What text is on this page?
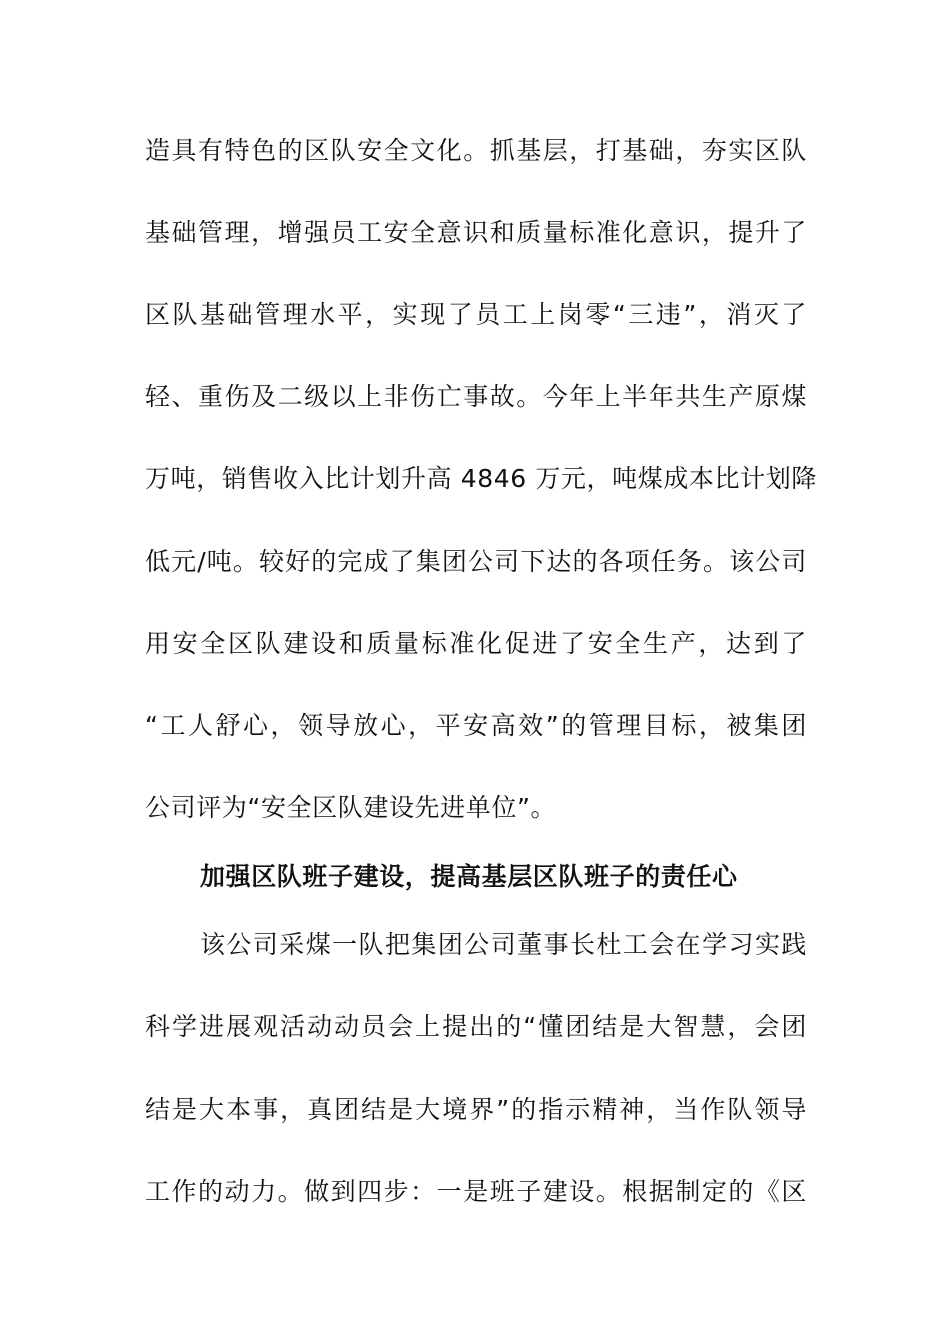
造具有特色的区队安全文化。抓基层，打基础，夯实区队
基础管理，增强员工安全意识和质量标准化意识，提升了
区队基础管理水平，实现了员工上岗零“三违”，消灭了
轻、重伤及二级以上非伤亡事故。今年上半年共生产原煤
万吨，销售收入比计划升高 4846 万元，吨煤成本比计划降
低元/吨。较好的完成了集团公司下达的各项任务。该公司
用安全区队建设和质量标准化促进了安全生产，达到了
“工人舒心，领导放心，平安高效”的管理目标，被集团
公司评为“安全区队建设先进单位”。
加强区队班子建设，提高基层区队班子的责任心
该公司采煤一队把集团公司董事长杜工会在学习实践
科学进展观活动动员会上提出的“懂团结是大智慧，会团
结是大本事，真团结是大境界”的指示精神，当作队领导
工作的动力。做到四步：一是班子建设。根据制定的《区
